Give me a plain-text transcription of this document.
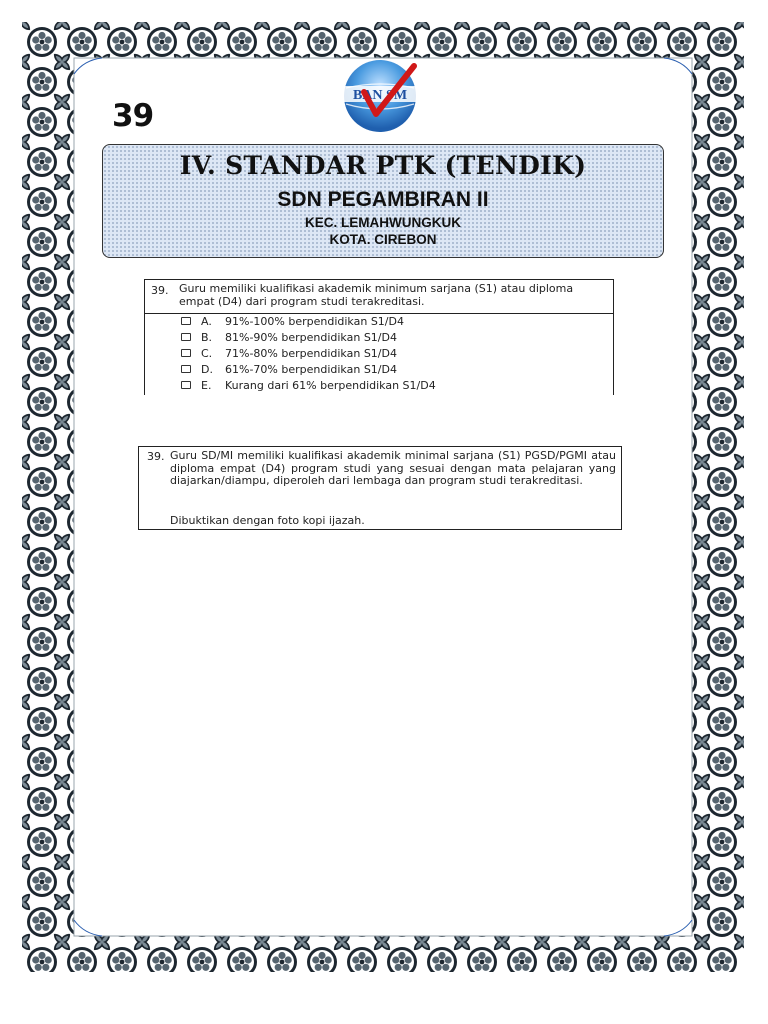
39
BAN SM
IV. STANDAR PTK (TENDIK)
SDN PEGAMBIRAN II
KEC. LEMAHWUNGKUK
KOTA. CIREBON
39. Guru memiliki kualifikasi akademik minimum sarjana (S1) atau diploma empat (D4) dari program studi terakreditasi.
A. 91%-100% berpendidikan S1/D4
B. 81%-90% berpendidikan S1/D4
C. 71%-80% berpendidikan S1/D4
D. 61%-70% berpendidikan S1/D4
E. Kurang dari 61% berpendidikan S1/D4
39. Guru SD/MI memiliki kualifikasi akademik minimal sarjana (S1) PGSD/PGMI atau diploma empat (D4) program studi yang sesuai dengan mata pelajaran yang diajarkan/diampu, diperoleh dari lembaga dan program studi terakreditasi.
Dibuktikan dengan foto kopi ijazah.
